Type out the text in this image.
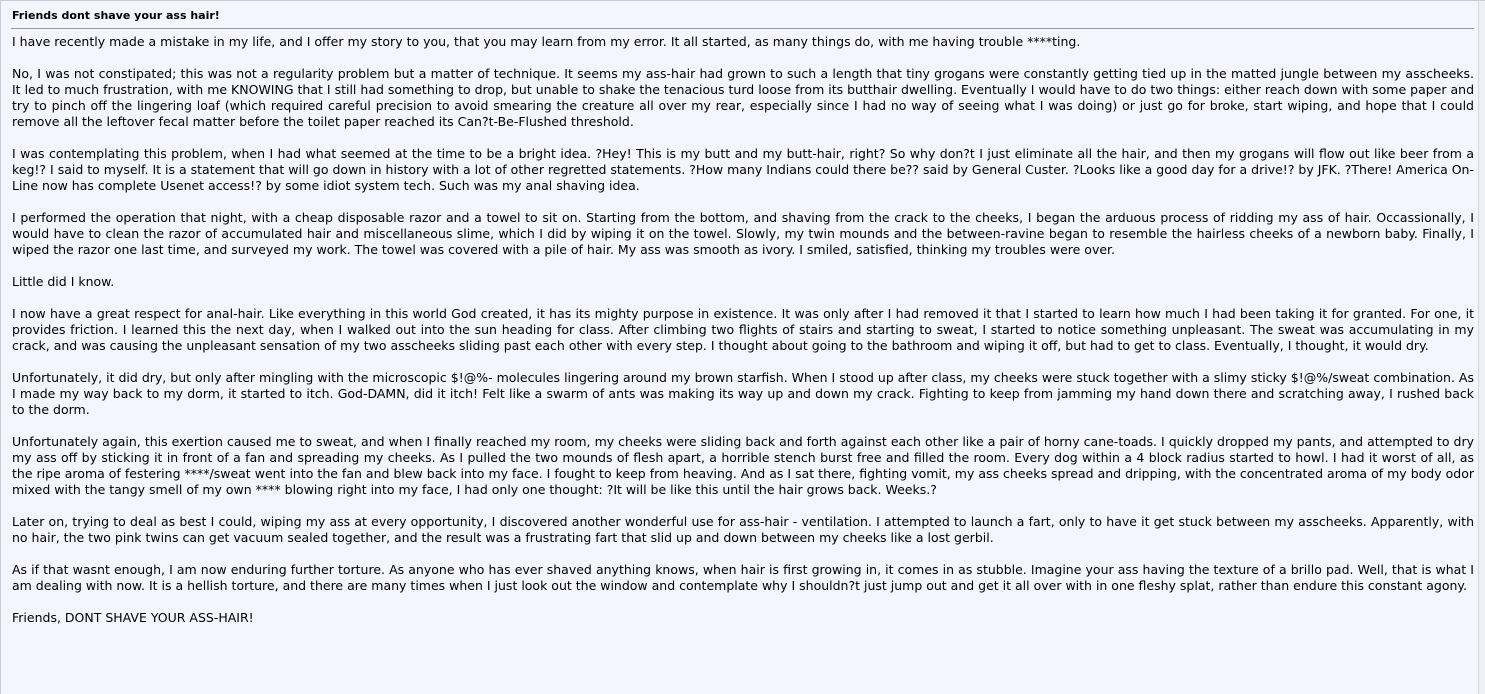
Friends dont shave your ass hair!

I have recently made a mistake in my life, and I offer my story to you, that you may learn from my error. It all started, as many things do, with me having trouble ****ting.

No, I was not constipated; this was not a regularity problem but a matter of technique. It seems my ass-hair had grown to such a length that tiny grogans were constantly getting tied up in the matted jungle between my asscheeks. It led to much frustration, with me KNOWING that I still had something to drop, but unable to shake the tenacious turd loose from its butthair dwelling. Eventually I would have to do two things: either reach down with some paper and try to pinch off the lingering loaf (which required careful precision to avoid smearing the creature all over my rear, especially since I had no way of seeing what I was doing) or just go for broke, start wiping, and hope that I could remove all the leftover fecal matter before the toilet paper reached its Can?t-Be-Flushed threshold.

I was contemplating this problem, when I had what seemed at the time to be a bright idea. ?Hey! This is my butt and my butt-hair, right? So why don?t I just eliminate all the hair, and then my grogans will flow out like beer from a keg!? I said to myself. It is a statement that will go down in history with a lot of other regretted statements. ?How many Indians could there be?? said by General Custer. ?Looks like a good day for a drive!? by JFK. ?There! America On-Line now has complete Usenet access!? by some idiot system tech. Such was my anal shaving idea.

I performed the operation that night, with a cheap disposable razor and a towel to sit on. Starting from the bottom, and shaving from the crack to the cheeks, I began the arduous process of ridding my ass of hair. Occassionally, I would have to clean the razor of accumulated hair and miscellaneous slime, which I did by wiping it on the towel. Slowly, my twin mounds and the between-ravine began to resemble the hairless cheeks of a newborn baby. Finally, I wiped the razor one last time, and surveyed my work. The towel was covered with a pile of hair. My ass was smooth as ivory. I smiled, satisfied, thinking my troubles were over.

Little did I know.

I now have a great respect for anal-hair. Like everything in this world God created, it has its mighty purpose in existence. It was only after I had removed it that I started to learn how much I had been taking it for granted. For one, it provides friction. I learned this the next day, when I walked out into the sun heading for class. After climbing two flights of stairs and starting to sweat, I started to notice something unpleasant. The sweat was accumulating in my crack, and was causing the unpleasant sensation of my two asscheeks sliding past each other with every step. I thought about going to the bathroom and wiping it off, but had to get to class. Eventually, I thought, it would dry.

Unfortunately, it did dry, but only after mingling with the microscopic $!@%- molecules lingering around my brown starfish. When I stood up after class, my cheeks were stuck together with a slimy sticky $!@%/sweat combination. As I made my way back to my dorm, it started to itch. God-DAMN, did it itch! Felt like a swarm of ants was making its way up and down my crack. Fighting to keep from jamming my hand down there and scratching away, I rushed back to the dorm.

Unfortunately again, this exertion caused me to sweat, and when I finally reached my room, my cheeks were sliding back and forth against each other like a pair of horny cane-toads. I quickly dropped my pants, and attempted to dry my ass off by sticking it in front of a fan and spreading my cheeks. As I pulled the two mounds of flesh apart, a horrible stench burst free and filled the room. Every dog within a 4 block radius started to howl. I had it worst of all, as the ripe aroma of festering ****/sweat went into the fan and blew back into my face. I fought to keep from heaving. And as I sat there, fighting vomit, my ass cheeks spread and dripping, with the concentrated aroma of my body odor mixed with the tangy smell of my own **** blowing right into my face, I had only one thought: ?It will be like this until the hair grows back. Weeks.?

Later on, trying to deal as best I could, wiping my ass at every opportunity, I discovered another wonderful use for ass-hair - ventilation. I attempted to launch a fart, only to have it get stuck between my asscheeks. Apparently, with no hair, the two pink twins can get vacuum sealed together, and the result was a frustrating fart that slid up and down between my cheeks like a lost gerbil.

As if that wasnt enough, I am now enduring further torture. As anyone who has ever shaved anything knows, when hair is first growing in, it comes in as stubble. Imagine your ass having the texture of a brillo pad. Well, that is what I am dealing with now. It is a hellish torture, and there are many times when I just look out the window and contemplate why I shouldn?t just jump out and get it all over with in one fleshy splat, rather than endure this constant agony.

Friends, DONT SHAVE YOUR ASS-HAIR!
